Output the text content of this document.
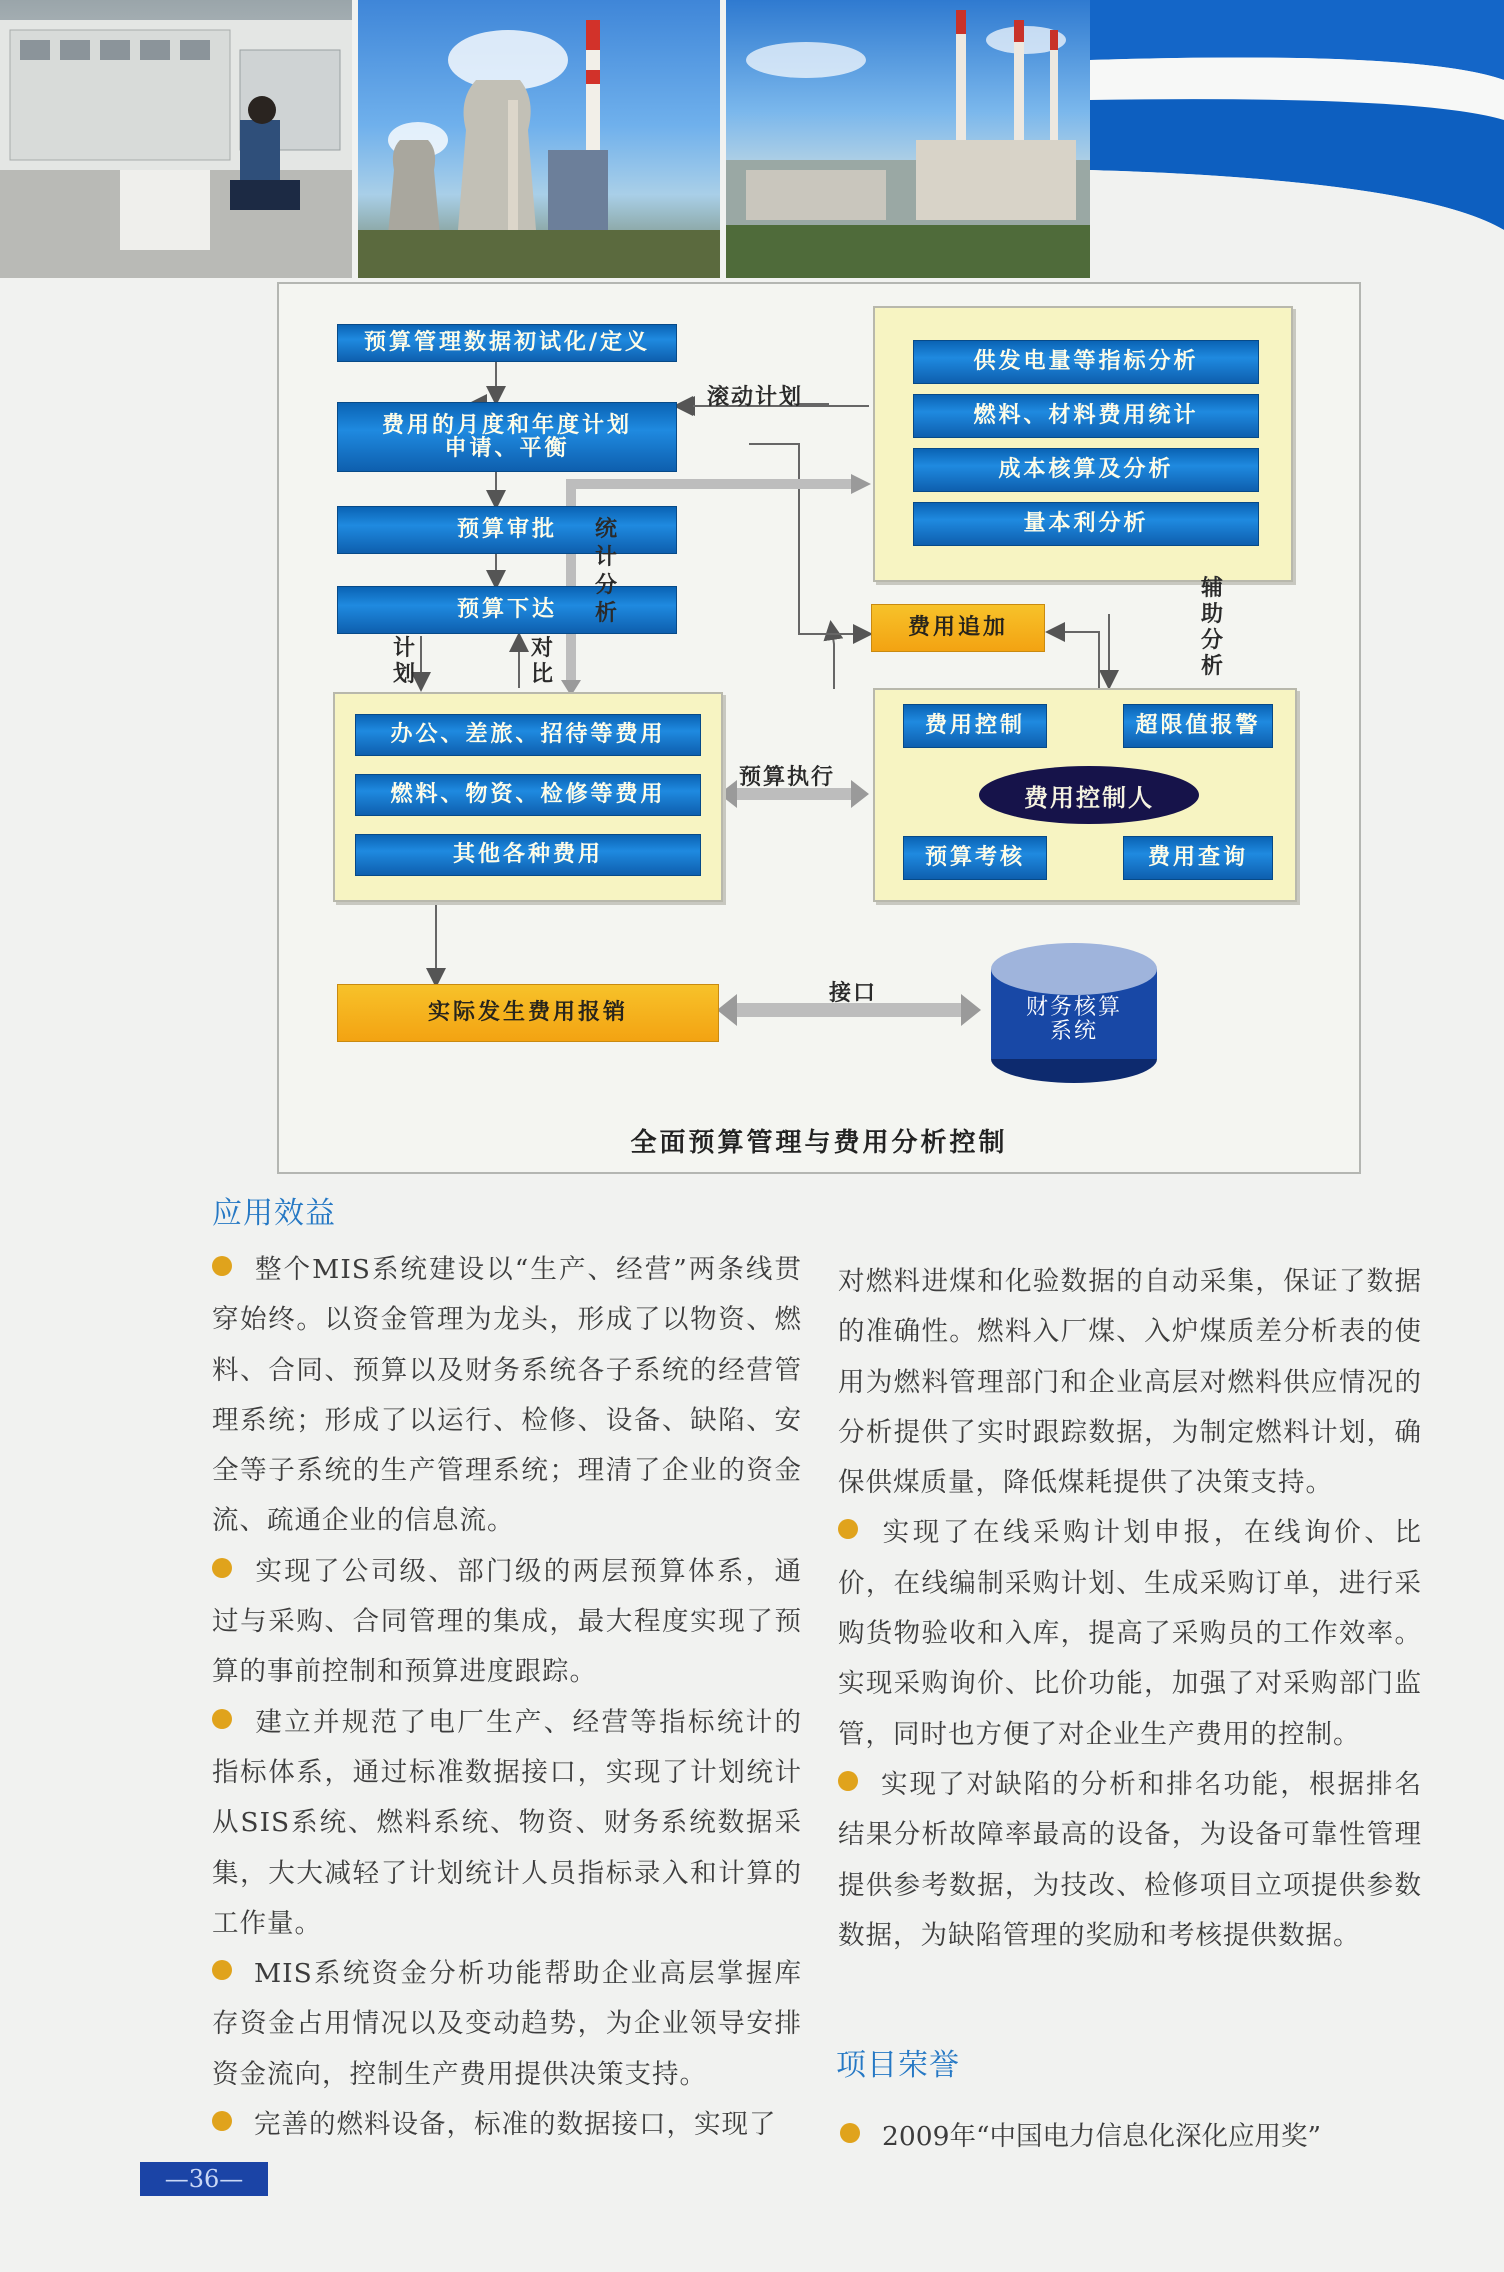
预算管理数据初试化/定义
费用的月度和年度计划
申请、平衡
预算审批
预算下达
计划
对比
办公、差旅、招待等费用
燃料、物资、检修等费用
其他各种费用
滚动计划
统计分析
供发电量等指标分析
燃料、材料费用统计
成本核算及分析
量本利分析
辅助分析
费用追加
预算执行
费用控制	超限值报警
预算考核	费用查询
费用控制人
实际发生费用报销
接口
财务核算
系统
全面预算管理与费用分析控制
应用效益

整个MIS系统建设以“生产、经营”两条线贯穿始终。以资金管理为龙头，形成了以物资、燃料、合同、预算以及财务系统各子系统的经营管理系统；形成了以运行、检修、设备、缺陷、安全等子系统的生产管理系统；理清了企业的资金流、疏通企业的信息流。

实现了公司级、部门级的两层预算体系，通过与采购、合同管理的集成，最大程度实现了预算的事前控制和预算进度跟踪。

建立并规范了电厂生产、经营等指标统计的指标体系，通过标准数据接口，实现了计划统计从SIS系统、燃料系统、物资、财务系统数据采集，大大减轻了计划统计人员指标录入和计算的工作量。

MIS系统资金分析功能帮助企业高层掌握库存资金占用情况以及变动趋势，为企业领导安排资金流向，控制生产费用提供决策支持。

完善的燃料设备，标准的数据接口，实现了

对燃料进煤和化验数据的自动采集，保证了数据的准确性。燃料入厂煤、入炉煤质差分析表的使用为燃料管理部门和企业高层对燃料供应情况的分析提供了实时跟踪数据，为制定燃料计划，确保供煤质量，降低煤耗提供了决策支持。

实现了在线采购计划申报，在线询价、比价，在线编制采购计划、生成采购订单，进行采购货物验收和入库，提高了采购员的工作效率。实现采购询价、比价功能，加强了对采购部门监管，同时也方便了对企业生产费用的控制。

实现了对缺陷的分析和排名功能，根据排名结果分析故障率最高的设备，为设备可靠性管理提供参考数据，为技改、检修项目立项提供参数数据，为缺陷管理的奖励和考核提供数据。

项目荣誉
2009年“中国电力信息化深化应用奖”
—36—
